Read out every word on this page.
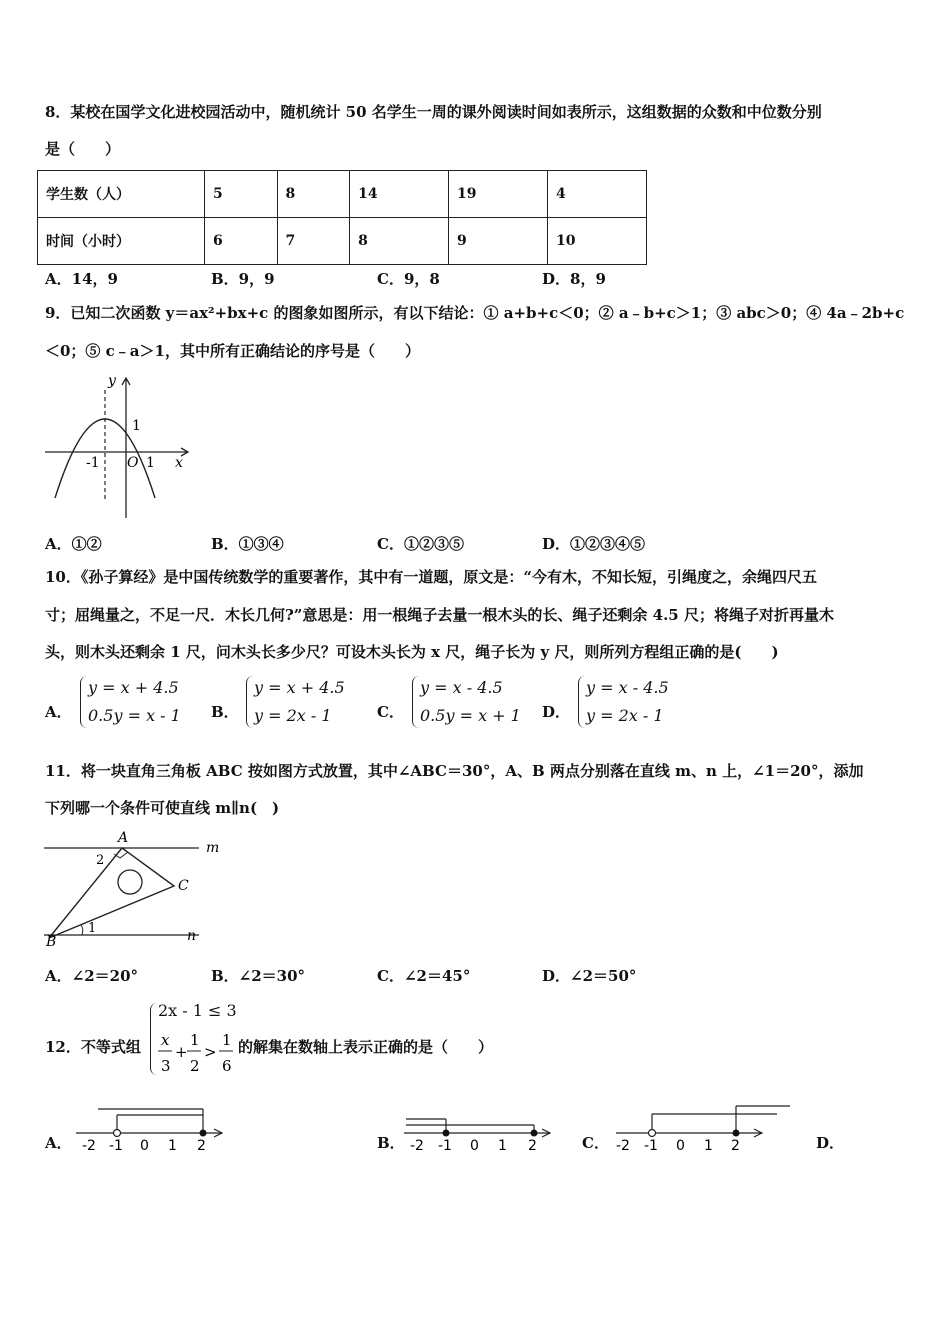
8．某校在国学文化进校园活动中，随机统计 50 名学生一周的课外阅读时间如表所示，这组数据的众数和中位数分别
是（　　）
学生数（人）	5	8	14	19	4
时间（小时）	6	7	8	9	10
A．14，9	B．9，9	C．9，8	D．8，9
9．已知二次函数 y＝ax²+bx+c 的图象如图所示，有以下结论：① a+b+c＜0；② a﹣b+c＞1；③ abc＞0；④ 4a﹣2b+c
＜0；⑤ c﹣a＞1，其中所有正确结论的序号是（　　）
y
x
-1 O 1
1
A．①②	B．①③④	C．①②③⑤	D．①②③④⑤
10．《孙子算经》是中国传统数学的重要著作，其中有一道题，原文是：“今有木，不知长短，引绳度之，余绳四尺五
寸；屈绳量之，不足一尺．木长几何?”意思是：用一根绳子去量一根木头的长、绳子还剩余 4.5 尺；将绳子对折再量木
头，则木头还剩余 1 尺，问木头长多少尺？可设木头长为 x 尺，绳子长为 y 尺，则所列方程组正确的是(　　)
A．
y = x + 4.5
0.5y = x - 1 B．
y = x + 4.5
y = 2x - 1	C．
y = x - 4.5
0.5y = x + 1 D．
y = x - 4.5
y = 2x - 1
11．将一块直角三角板 ABC 按如图方式放置，其中∠ABC＝30°，A、B 两点分别落在直线 m、n 上，∠1＝20°，添加
下列哪一个条件可使直线 m∥n(　)
A
B
C
m
n
1
2
A．∠2＝20°	B．∠2＝30°	C．∠2＝45°	D．∠2＝50°
12．不等式组
2x - 1 ≤ 3
x
3
+
1
2
>
1
6
的解集在数轴上表示正确的是（　　）
A． -2 -1 0 1 2	B． -2 -1 0 1 2	C． -2 -1 0 1 2	D．
